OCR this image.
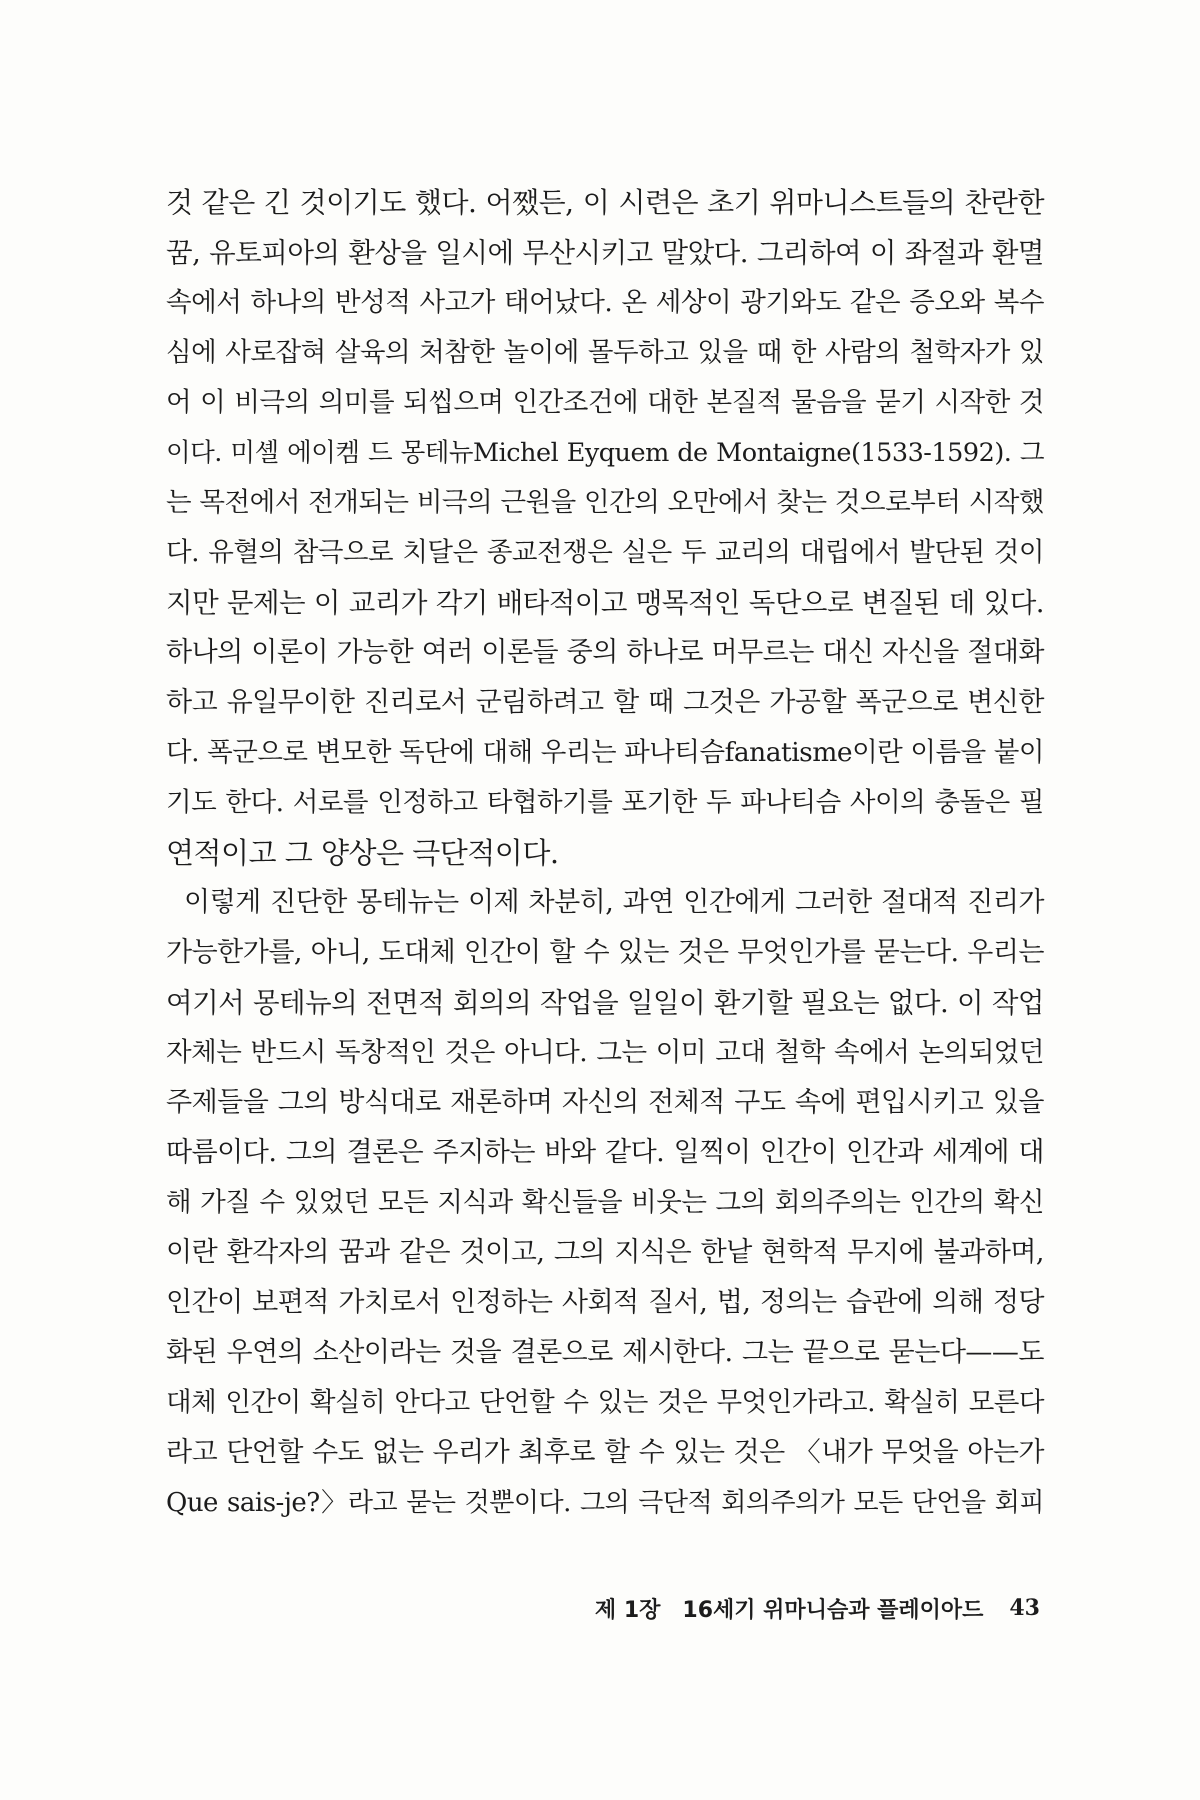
것 같은 긴 것이기도 했다. 어쨌든, 이 시련은 초기 위마니스트들의 찬란한
꿈, 유토피아의 환상을 일시에 무산시키고 말았다. 그리하여 이 좌절과 환멸
속에서 하나의 반성적 사고가 태어났다. 온 세상이 광기와도 같은 증오와 복수
심에 사로잡혀 살육의 처참한 놀이에 몰두하고 있을 때 한 사람의 철학자가 있
어 이 비극의 의미를 되씹으며 인간조건에 대한 본질적 물음을 묻기 시작한 것
이다. 미셸 에이켐 드 몽테뉴Michel Eyquem de Montaigne(1533-1592). 그
는 목전에서 전개되는 비극의 근원을 인간의 오만에서 찾는 것으로부터 시작했
다. 유혈의 참극으로 치달은 종교전쟁은 실은 두 교리의 대립에서 발단된 것이
지만 문제는 이 교리가 각기 배타적이고 맹목적인 독단으로 변질된 데 있다.
하나의 이론이 가능한 여러 이론들 중의 하나로 머무르는 대신 자신을 절대화
하고 유일무이한 진리로서 군림하려고 할 때 그것은 가공할 폭군으로 변신한
다. 폭군으로 변모한 독단에 대해 우리는 파나티슴fanatisme이란 이름을 붙이
기도 한다. 서로를 인정하고 타협하기를 포기한 두 파나티슴 사이의 충돌은 필
연적이고 그 양상은 극단적이다.
이렇게 진단한 몽테뉴는 이제 차분히, 과연 인간에게 그러한 절대적 진리가
가능한가를, 아니, 도대체 인간이 할 수 있는 것은 무엇인가를 묻는다. 우리는
여기서 몽테뉴의 전면적 회의의 작업을 일일이 환기할 필요는 없다. 이 작업
자체는 반드시 독창적인 것은 아니다. 그는 이미 고대 철학 속에서 논의되었던
주제들을 그의 방식대로 재론하며 자신의 전체적 구도 속에 편입시키고 있을
따름이다. 그의 결론은 주지하는 바와 같다. 일찍이 인간이 인간과 세계에 대
해 가질 수 있었던 모든 지식과 확신들을 비웃는 그의 회의주의는 인간의 확신
이란 환각자의 꿈과 같은 것이고, 그의 지식은 한낱 현학적 무지에 불과하며,
인간이 보편적 가치로서 인정하는 사회적 질서, 법, 정의는 습관에 의해 정당
화된 우연의 소산이라는 것을 결론으로 제시한다. 그는 끝으로 묻는다——도
대체 인간이 확실히 안다고 단언할 수 있는 것은 무엇인가라고. 확실히 모른다
라고 단언할 수도 없는 우리가 최후로 할 수 있는 것은 〈내가 무엇을 아는가
Que sais-je?〉라고 묻는 것뿐이다. 그의 극단적 회의주의가 모든 단언을 회피
제 1장 16세기 위마니슴과 플레이아드 43
